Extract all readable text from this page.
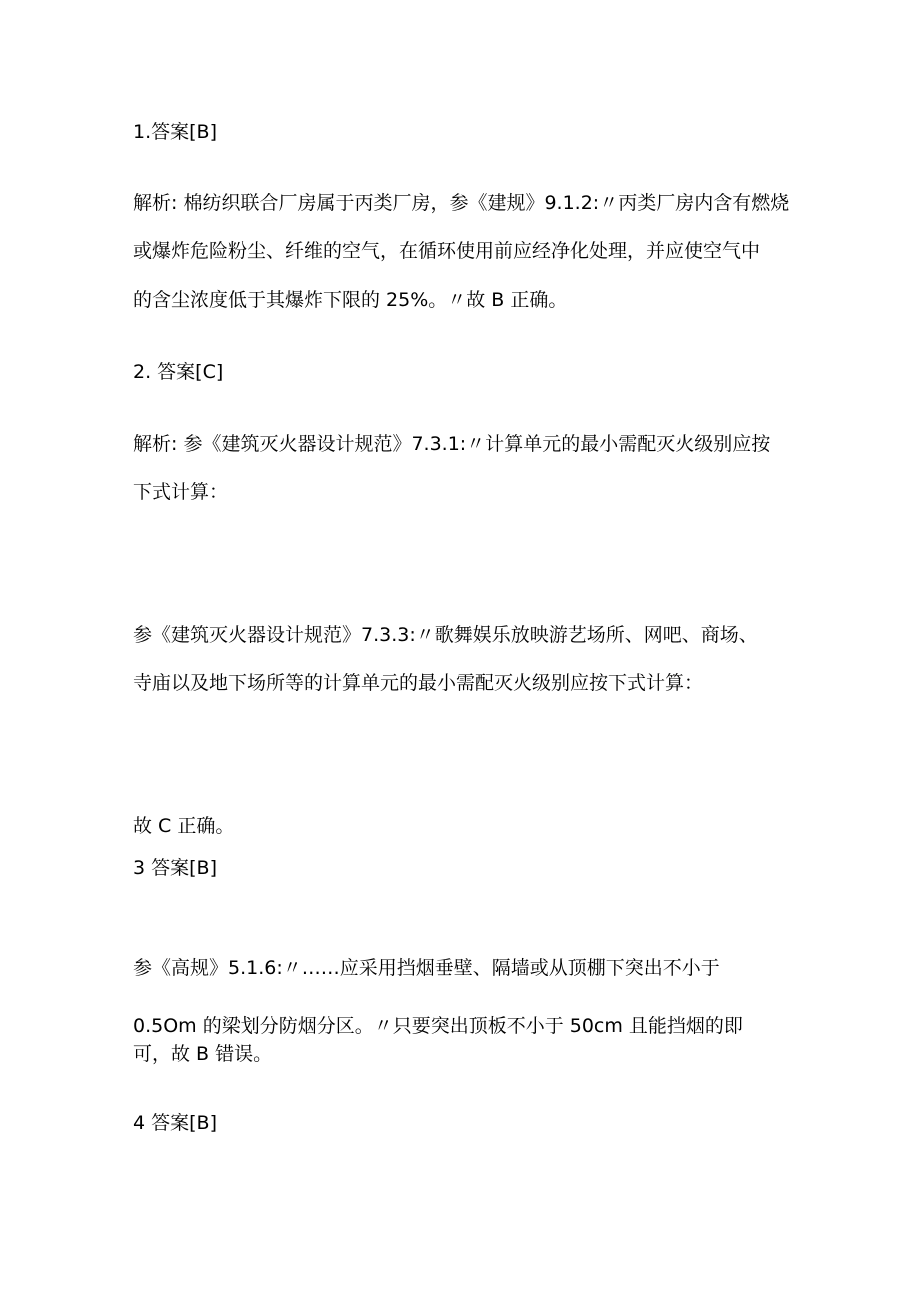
1.答案[B]

解析: 棉纺织联合厂房属于丙类厂房，参《建规》9.1.2:〃丙类厂房内含有燃烧

或爆炸危险粉尘、纤维的空气，在循环使用前应经净化处理，并应使空气中

的含尘浓度低于其爆炸下限的 25%。〃故 B 正确。

2. 答案[C]

解析: 参《建筑灭火器设计规范》7.3.1:〃计算单元的最小需配灭火级别应按

下式计算：

参《建筑灭火器设计规范》7.3.3:〃歌舞娱乐放映游艺场所、网吧、商场、

寺庙以及地下场所等的计算单元的最小需配灭火级别应按下式计算：

故 C 正确。

3 答案[B]

参《高规》5.1.6:〃……应采用挡烟垂壁、隔墙或从顶棚下突出不小于

0.5Om 的梁划分防烟分区。〃只要突出顶板不小于 50cm 且能挡烟的即

可，故 B 错误。

4 答案[B]
